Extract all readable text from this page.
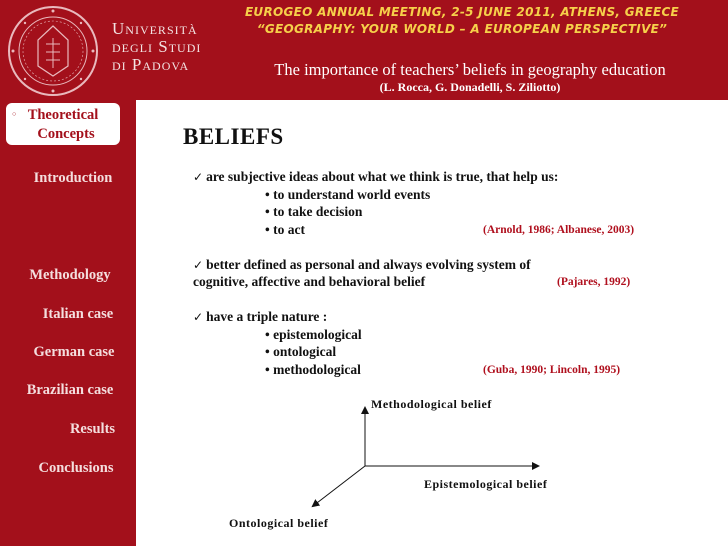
Università
degli Studi
di Padova
EUROGEO ANNUAL MEETING, 2-5 JUNE 2011, ATHENS, GREECE
“GEOGRAPHY: YOUR WORLD – A EUROPEAN PERSPECTIVE”
The importance of teachers’ beliefs in geography education
(L. Rocca, G. Donadelli, S. Ziliotto)
Introduction
○ Theoretical
Concepts
Methodology
Italian case
German case
Brazilian case
Results
Conclusions
BELIEFS
✓ are subjective ideas about what we think is true, that help us:
• to understand world events
• to take decision
• to act	(Arnold, 1986; Albanese, 2003)
✓ better defined as personal and always evolving system of
cognitive, affective and behavioral belief	(Pajares, 1992)
✓ have a triple nature :
• epistemological
• ontological
• methodological	(Guba, 1990; Lincoln, 1995)
Methodological belief
Epistemological belief
Ontological belief
